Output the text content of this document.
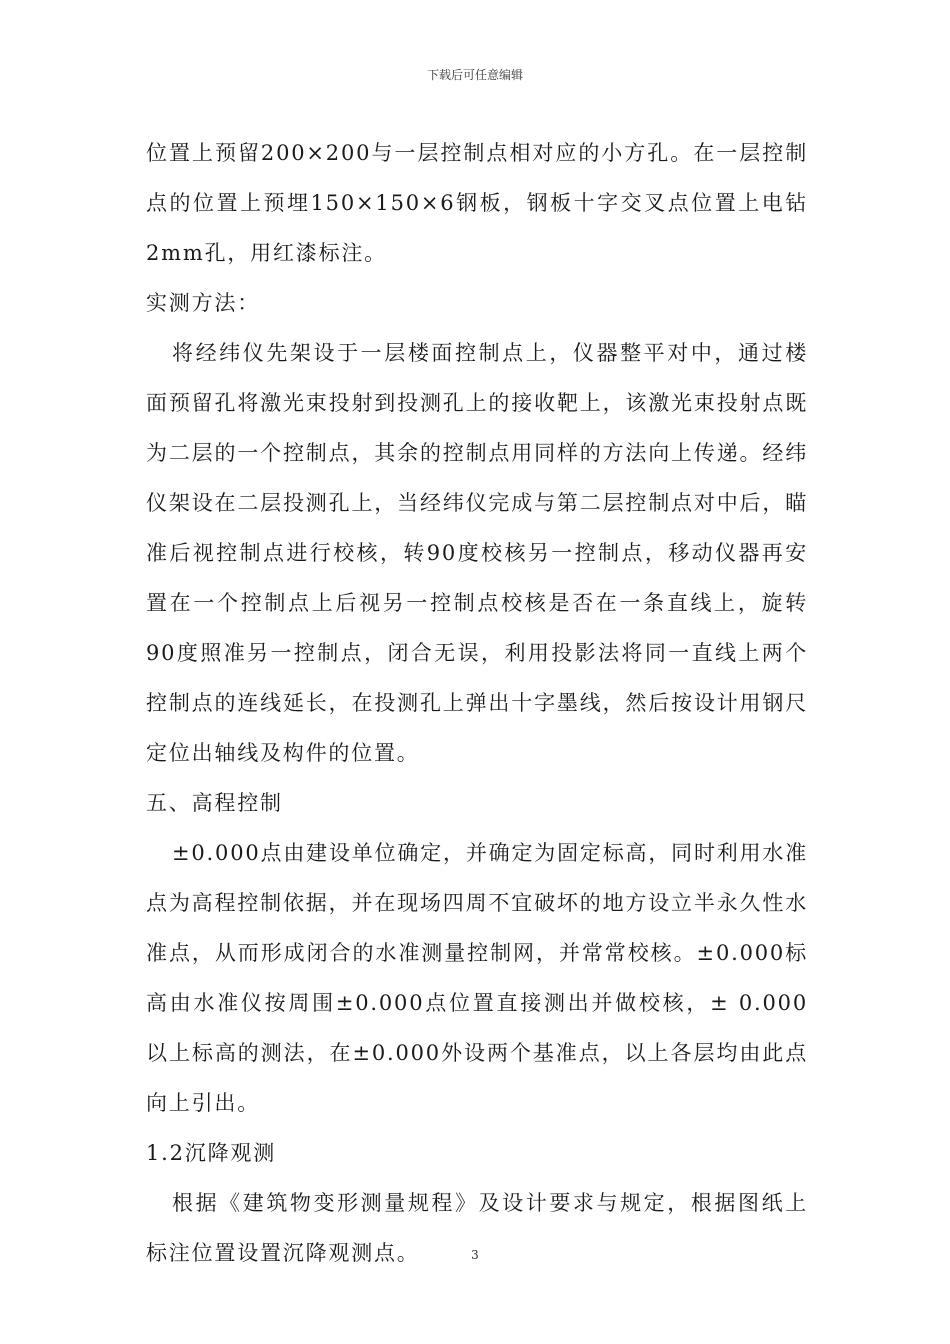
下载后可任意编辑

位置上预留200×200与一层控制点相对应的小方孔。在一层控制点的位置上预埋150×150×6钢板，钢板十字交叉点位置上电钻2mm孔，用红漆标注。

实测方法：

将经纬仪先架设于一层楼面控制点上，仪器整平对中，通过楼面预留孔将激光束投射到投测孔上的接收靶上，该激光束投射点既为二层的一个控制点，其余的控制点用同样的方法向上传递。经纬仪架设在二层投测孔上，当经纬仪完成与第二层控制点对中后，瞄准后视控制点进行校核，转90度校核另一控制点，移动仪器再安置在一个控制点上后视另一控制点校核是否在一条直线上，旋转90度照准另一控制点，闭合无误，利用投影法将同一直线上两个控制点的连线延长，在投测孔上弹出十字墨线，然后按设计用钢尺定位出轴线及构件的位置。

五、高程控制

±0.000点由建设单位确定，并确定为固定标高，同时利用水准点为高程控制依据，并在现场四周不宜破坏的地方设立半永久性水准点，从而形成闭合的水准测量控制网，并常常校核。±0.000标高由水准仪按周围±0.000点位置直接测出并做校核，± 0.000以上标高的测法，在±0.000外设两个基准点，以上各层均由此点向上引出。

1.2沉降观测

根据《建筑物变形测量规程》及设计要求与规定，根据图纸上标注位置设置沉降观测点。	3
